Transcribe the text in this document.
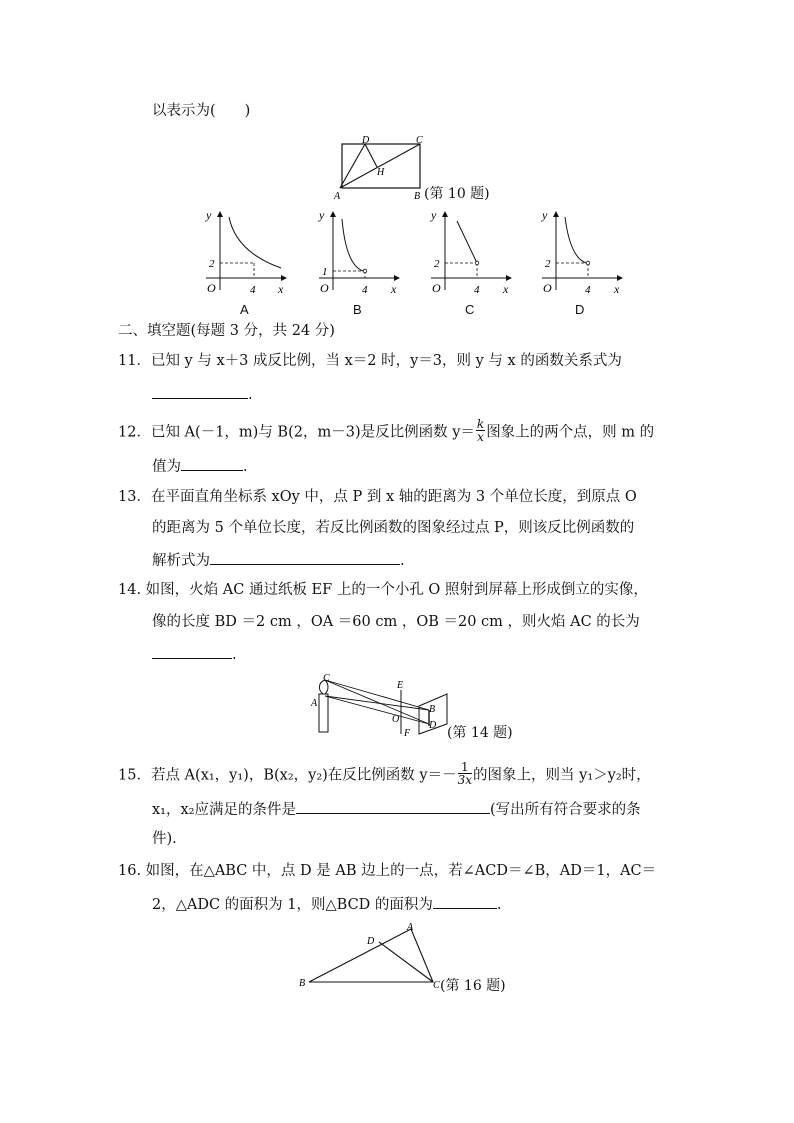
以表示为(　　)
D	C
H
A	B (第 10 题)
y
x
O	4
2
y
x
O	4
1
y
x
O	4
2
y
x
O	4
2
A	B	C	D
二、填空题(每题 3 分，共 24 分)
11．已知 y 与 x＋3 成反比例，当 x＝2 时，y＝3，则 y 与 x 的函数关系式为
.
12．已知 A(－1，m)与 B(2，m－3)是反比例函数 $y= \frac{k}{x}$ 图象上的两个点，则 m 的
值为	.
13．在平面直角坐标系 xOy 中，点 P 到 x 轴的距离为 3 个单位长度，到原点 O
的距离为 5 个单位长度，若反比例函数的图象经过点 P，则该反比例函数的
解析式为	.
14. 如图，火焰 AC 通过纸板 EF 上的一个小孔 O 照射到屏幕上形成倒立的实像，
像的长度 BD ＝2 cm ，OA ＝60 cm ，OB ＝20 cm ，则火焰 AC 的长为
.
C
A
E
O
F
B
D (第 14 题)
15．若点 A(x₁，y₁)，B(x₂，y₂)在反比例函数 $y=- \frac{1}{3x}$ 的图象上，则当 y₁＞y₂时，
x₁，x₂应满足的条件是	(写出所有符合要求的条
件).
16. 如图，在△ABC 中，点 D 是 AB 边上的一点，若∠ACD＝∠B，AD＝1，AC＝
2，△ADC 的面积为 1，则△BCD 的面积为	.
A
D
B	C (第 16 题)
